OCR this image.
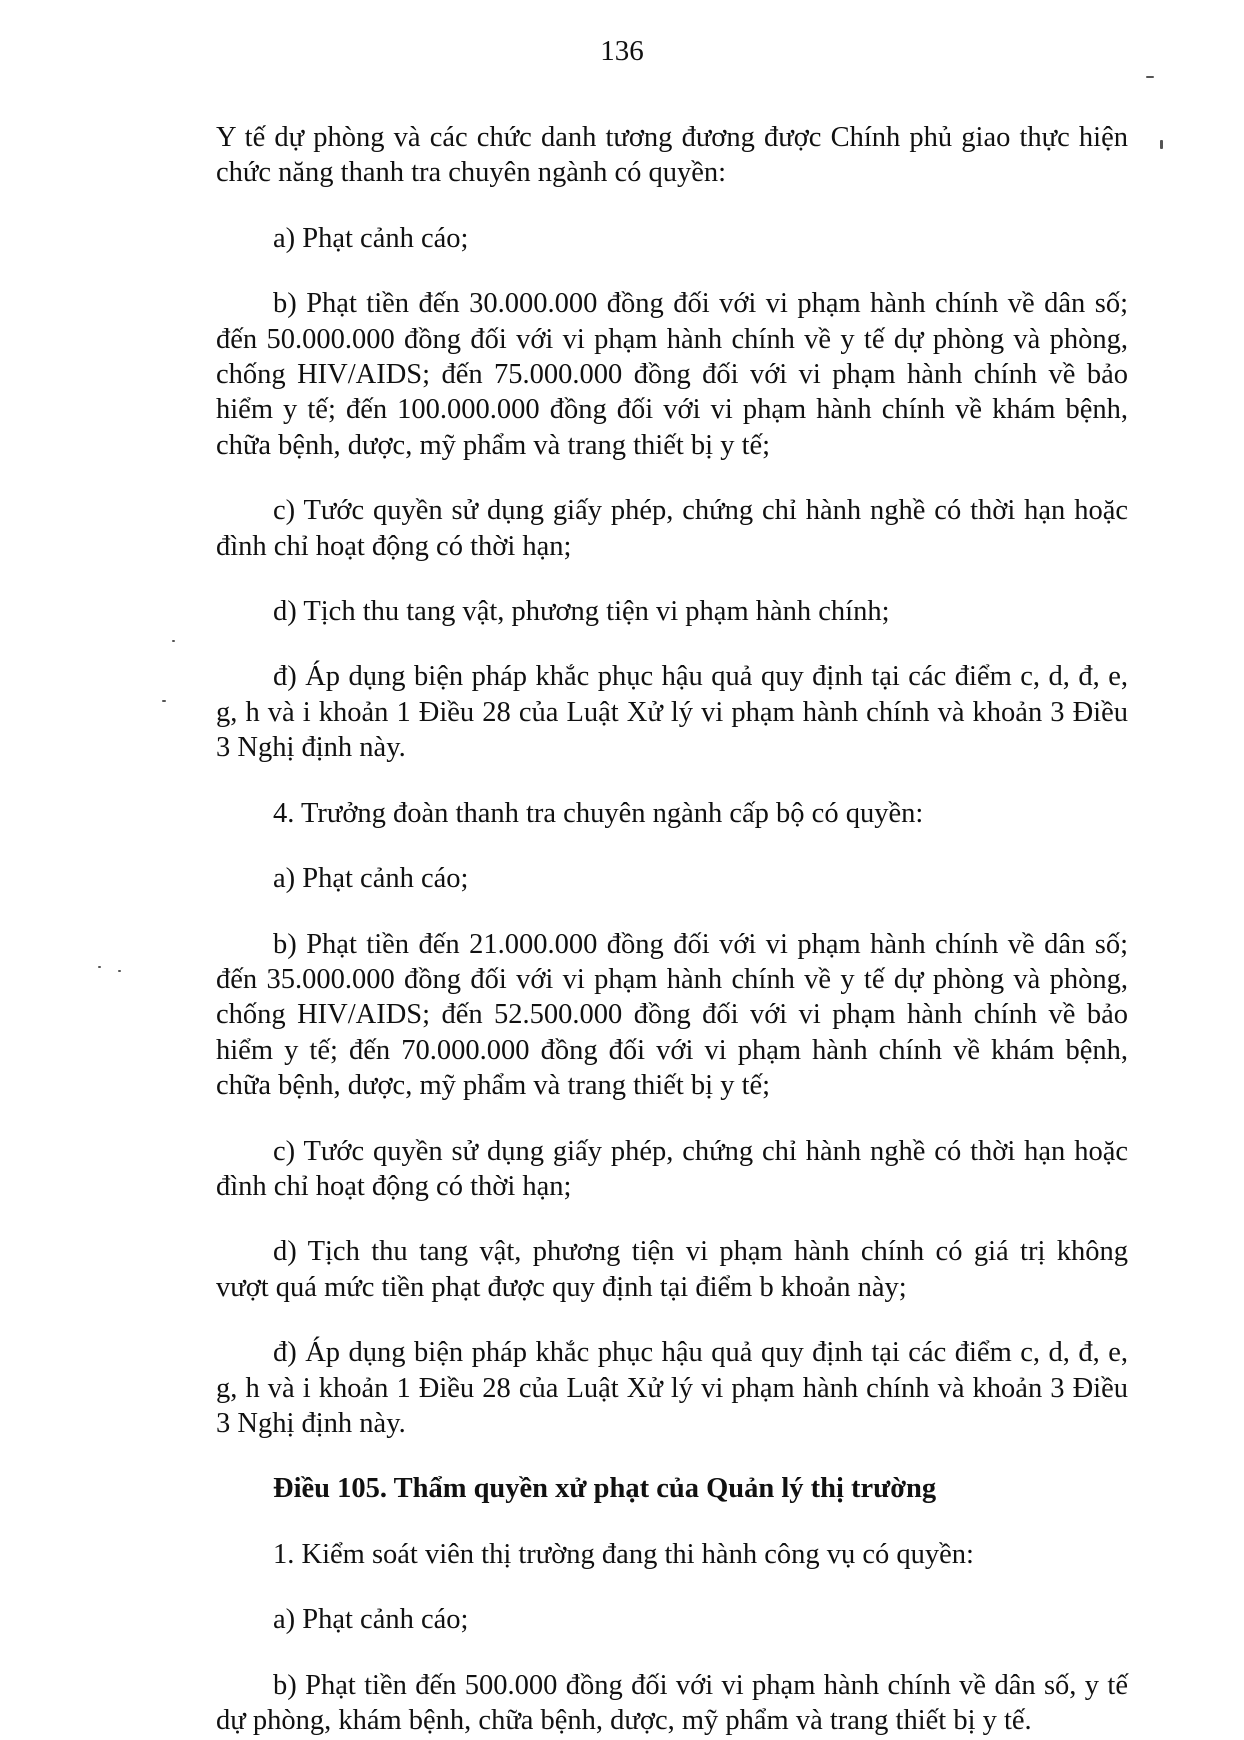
136

Y tế dự phòng và các chức danh tương đương được Chính phủ giao thực hiện chức năng thanh tra chuyên ngành có quyền:

a) Phạt cảnh cáo;

b) Phạt tiền đến 30.000.000 đồng đối với vi phạm hành chính về dân số; đến 50.000.000 đồng đối với vi phạm hành chính về y tế dự phòng và phòng, chống HIV/AIDS; đến 75.000.000 đồng đối với vi phạm hành chính về bảo hiểm y tế; đến 100.000.000 đồng đối với vi phạm hành chính về khám bệnh, chữa bệnh, dược, mỹ phẩm và trang thiết bị y tế;

c) Tước quyền sử dụng giấy phép, chứng chỉ hành nghề có thời hạn hoặc đình chỉ hoạt động có thời hạn;

d) Tịch thu tang vật, phương tiện vi phạm hành chính;

đ) Áp dụng biện pháp khắc phục hậu quả quy định tại các điểm c, d, đ, e, g, h và i khoản 1 Điều 28 của Luật Xử lý vi phạm hành chính và khoản 3 Điều 3 Nghị định này.

4. Trưởng đoàn thanh tra chuyên ngành cấp bộ có quyền:

a) Phạt cảnh cáo;

b) Phạt tiền đến 21.000.000 đồng đối với vi phạm hành chính về dân số; đến 35.000.000 đồng đối với vi phạm hành chính về y tế dự phòng và phòng, chống HIV/AIDS; đến 52.500.000 đồng đối với vi phạm hành chính về bảo hiểm y tế; đến 70.000.000 đồng đối với vi phạm hành chính về khám bệnh, chữa bệnh, dược, mỹ phẩm và trang thiết bị y tế;

c) Tước quyền sử dụng giấy phép, chứng chỉ hành nghề có thời hạn hoặc đình chỉ hoạt động có thời hạn;

d) Tịch thu tang vật, phương tiện vi phạm hành chính có giá trị không vượt quá mức tiền phạt được quy định tại điểm b khoản này;

đ) Áp dụng biện pháp khắc phục hậu quả quy định tại các điểm c, d, đ, e, g, h và i khoản 1 Điều 28 của Luật Xử lý vi phạm hành chính và khoản 3 Điều 3 Nghị định này.

Điều 105. Thẩm quyền xử phạt của Quản lý thị trường

1. Kiểm soát viên thị trường đang thi hành công vụ có quyền:

a) Phạt cảnh cáo;

b) Phạt tiền đến 500.000 đồng đối với vi phạm hành chính về dân số, y tế dự phòng, khám bệnh, chữa bệnh, dược, mỹ phẩm và trang thiết bị y tế.
